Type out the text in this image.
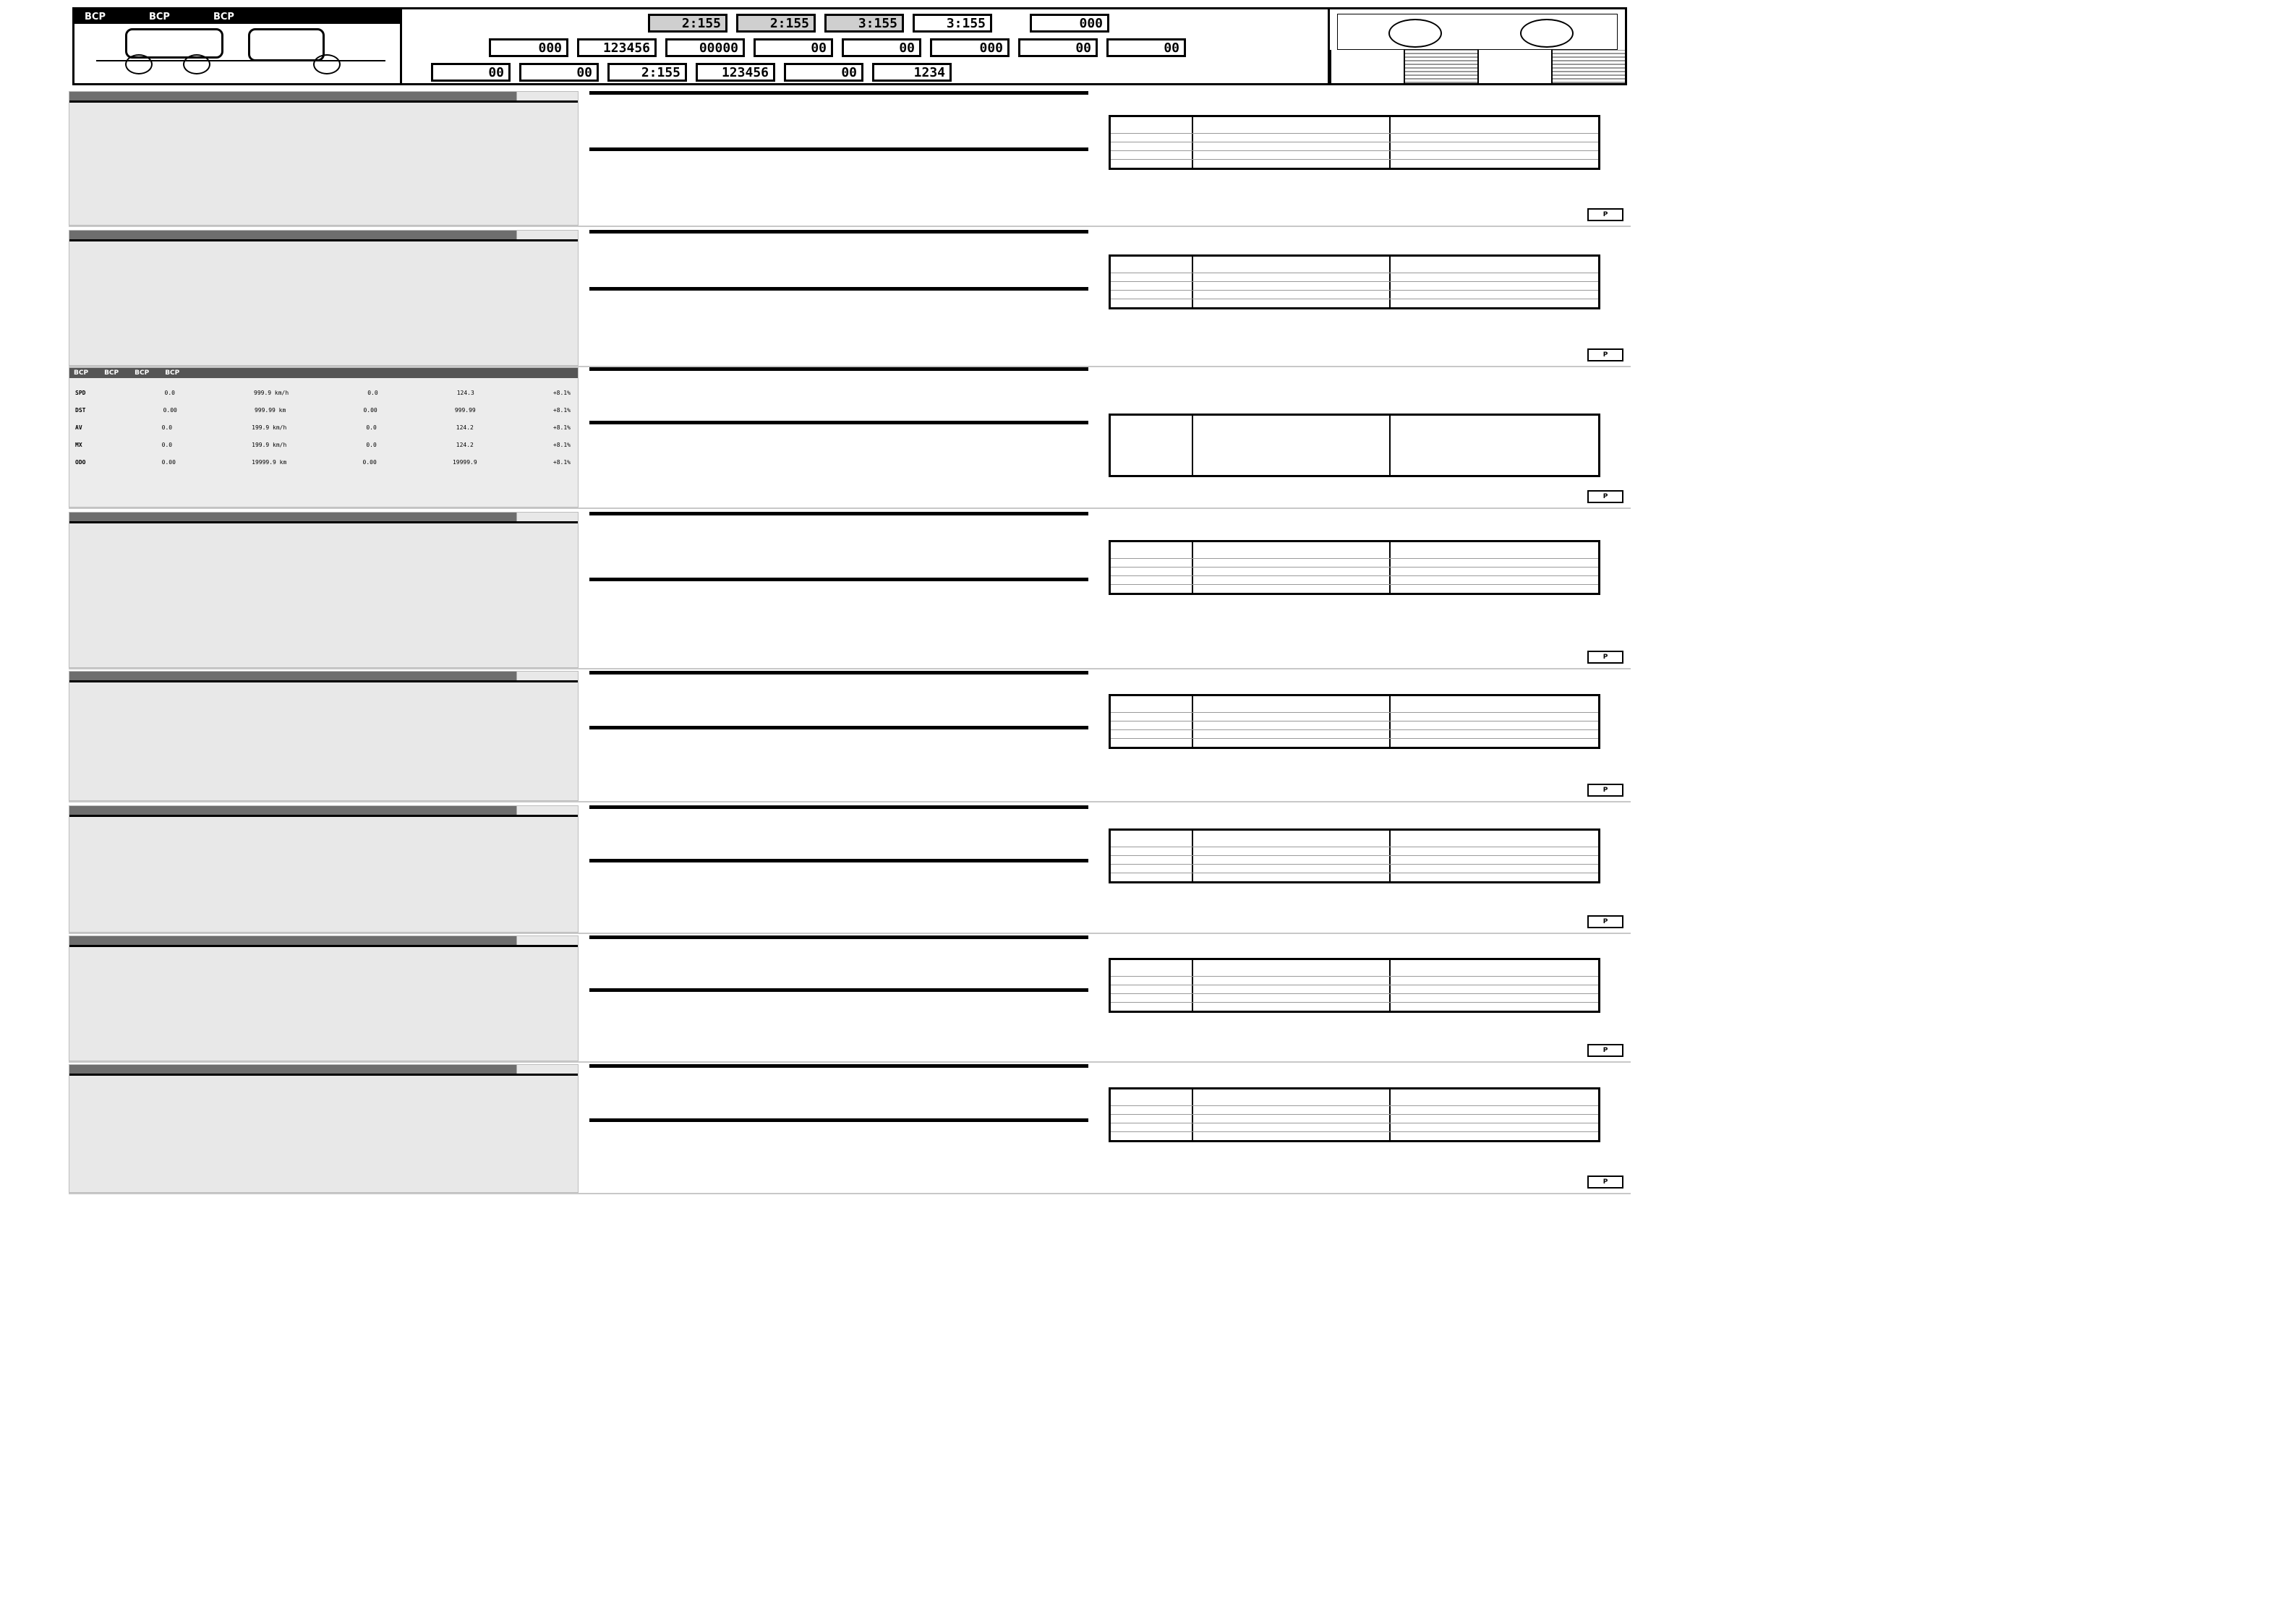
BCP	BCP	BCP	2:155	2:155	3:155	3:155	000
000	123456	00000	00	00	000	00	00
00	00	2:155	123456	00	1234
P
P
BCP BCP BCP BCP
SPD	0.0	999.9 km/h	0.0	124.3	+8.1%
DST	0.00	999.99 km	0.00	999.99	+8.1%
AV	0.0	199.9 km/h	0.0	124.2	+8.1%
MX	0.0	199.9 km/h	0.0	124.2	+8.1%
ODO	0.00	19999.9 km	0.00	19999.9	+8.1%
P
P
P
P
P
P
